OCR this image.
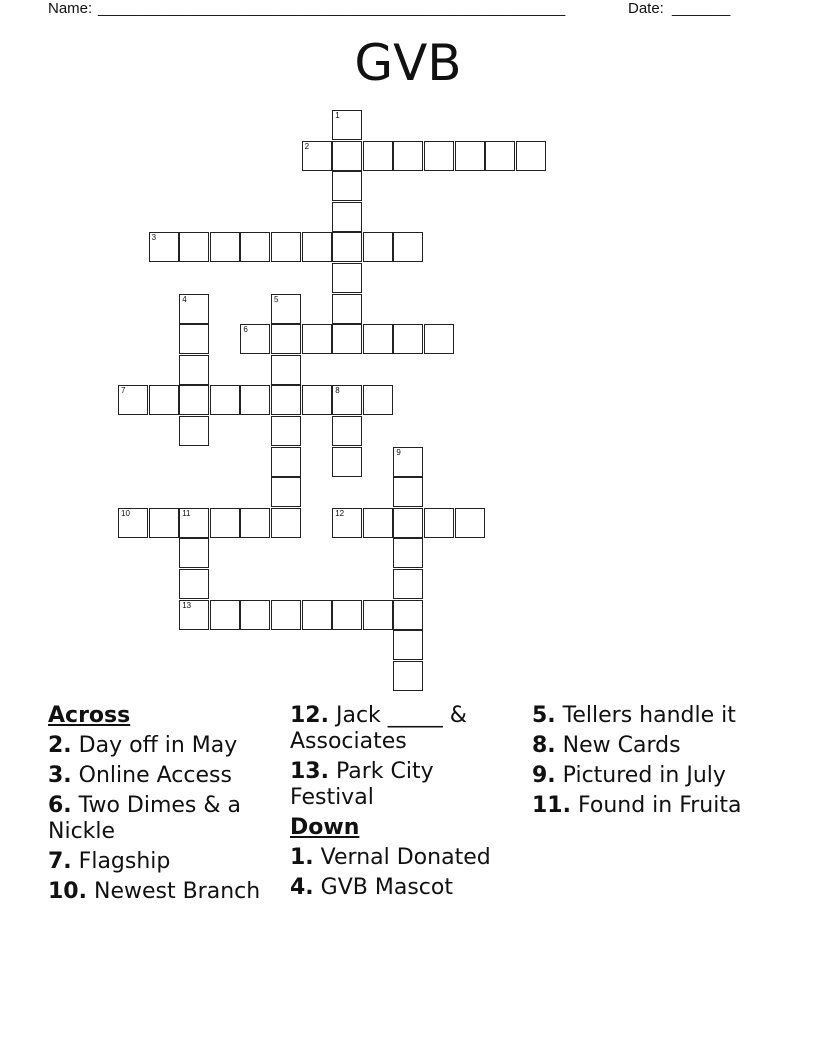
Name: ________________________________________________________	Date: _______
GVB
2
3
6
7	8
10	11	12
13
1
4	5
9
Across
2. Day off in May
3. Online Access
6. Two Dimes & a Nickle
7. Flagship
10. Newest Branch
12. Jack _____ & Associates
13. Park City Festival
Down
1. Vernal Donated
4. GVB Mascot
5. Tellers handle it
8. New Cards
9. Pictured in July
11. Found in Fruita
